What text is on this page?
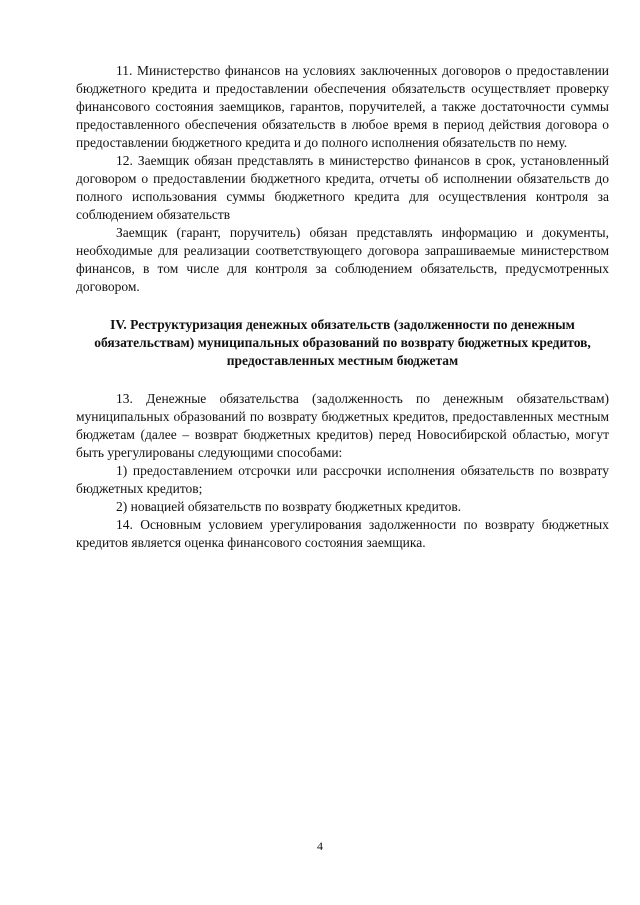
11. Министерство финансов на условиях заключенных договоров о предоставлении бюджетного кредита и предоставлении обеспечения обязательств осуществляет проверку финансового состояния заемщиков, гарантов, поручителей, а также достаточности суммы предоставленного обеспечения обязательств в любое время в период действия договора о предоставлении бюджетного кредита и до полного исполнения обязательств по нему.

12. Заемщик обязан представлять в министерство финансов в срок, установленный договором о предоставлении бюджетного кредита, отчеты об исполнении обязательств до полного использования суммы бюджетного кредита для осуществления контроля за соблюдением обязательств

Заемщик (гарант, поручитель) обязан представлять информацию и документы, необходимые для реализации соответствующего договора запрашиваемые министерством финансов, в том числе для контроля за соблюдением обязательств, предусмотренных договором.

IV. Реструктуризация денежных обязательств (задолженности по денежным обязательствам) муниципальных образований по возврату бюджетных кредитов, предоставленных местным бюджетам

13. Денежные обязательства (задолженность по денежным обязательствам) муниципальных образований по возврату бюджетных кредитов, предоставленных местным бюджетам (далее – возврат бюджетных кредитов) перед Новосибирской областью, могут быть урегулированы следующими способами:

1) предоставлением отсрочки или рассрочки исполнения обязательств по возврату бюджетных кредитов;

2) новацией обязательств по возврату бюджетных кредитов.

14. Основным условием урегулирования задолженности по возврату бюджетных кредитов является оценка финансового состояния заемщика.

4
